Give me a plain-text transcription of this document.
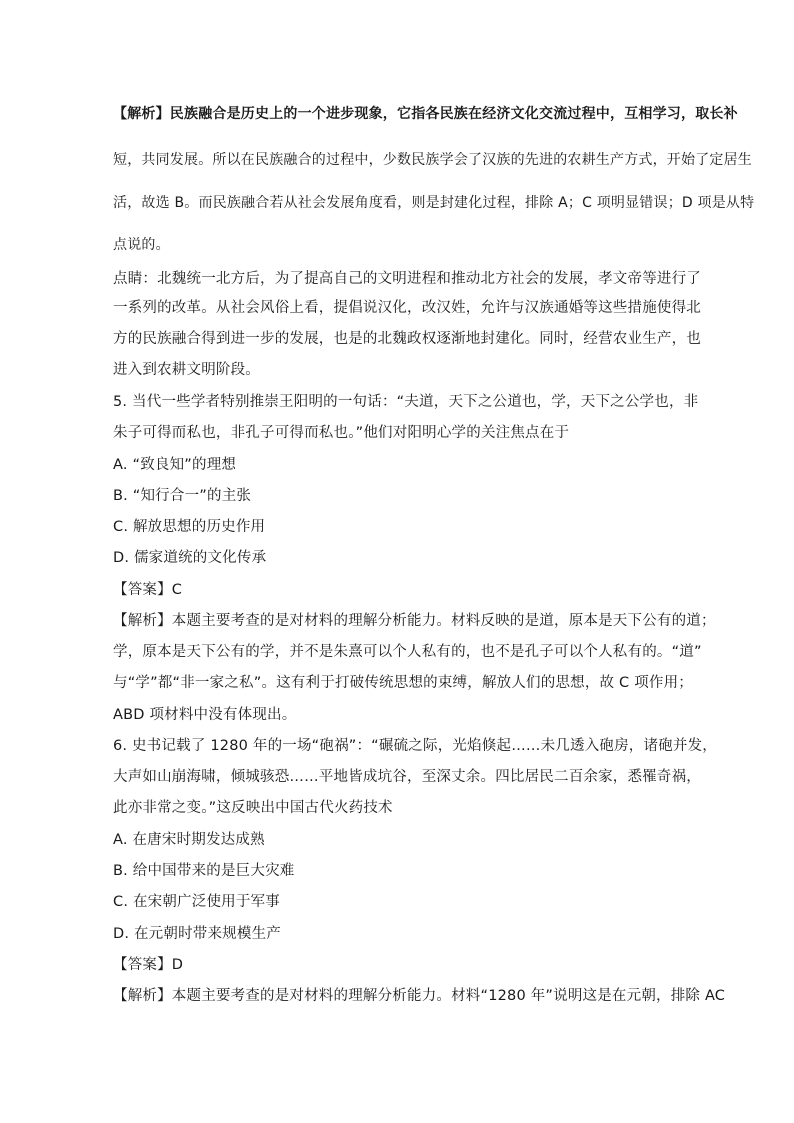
【解析】民族融合是历史上的一个进步现象，它指各民族在经济文化交流过程中，互相学习，取长补
短，共同发展。所以在民族融合的过程中，少数民族学会了汉族的先进的农耕生产方式，开始了定居生
活，故选 B。而民族融合若从社会发展角度看，则是封建化过程，排除 A；C 项明显错误；D 项是从特
点说的。
点睛：北魏统一北方后，为了提高自己的文明进程和推动北方社会的发展，孝文帝等进行了
一系列的改革。从社会风俗上看，提倡说汉化，改汉姓，允许与汉族通婚等这些措施使得北
方的民族融合得到进一步的发展，也是的北魏政权逐渐地封建化。同时，经营农业生产，也
进入到农耕文明阶段。
5. 当代一些学者特别推崇王阳明的一句话：“夫道，天下之公道也，学，天下之公学也，非
朱子可得而私也，非孔子可得而私也。”他们对阳明心学的关注焦点在于
A. “致良知”的理想
B. “知行合一”的主张
C. 解放思想的历史作用
D. 儒家道统的文化传承
【答案】C
【解析】本题主要考查的是对材料的理解分析能力。材料反映的是道，原本是天下公有的道；
学，原本是天下公有的学，并不是朱熹可以个人私有的，也不是孔子可以个人私有的。“道”
与“学”都“非一家之私”。这有利于打破传统思想的束缚，解放人们的思想，故 C 项作用；
ABD 项材料中没有体现出。
6. 史书记载了 1280 年的一场“砲祸”：“碾硫之际，光焰倏起……未几透入砲房，诸砲并发，
大声如山崩海啸，倾城骇恐……平地皆成坑谷，至深丈余。四比居民二百余家，悉罹奇祸，
此亦非常之变。”这反映出中国古代火药技术
A. 在唐宋时期发达成熟
B. 给中国带来的是巨大灾难
C. 在宋朝广泛使用于军事
D. 在元朝时带来规模生产
【答案】D
【解析】本题主要考查的是对材料的理解分析能力。材料“1280 年”说明这是在元朝，排除 AC
